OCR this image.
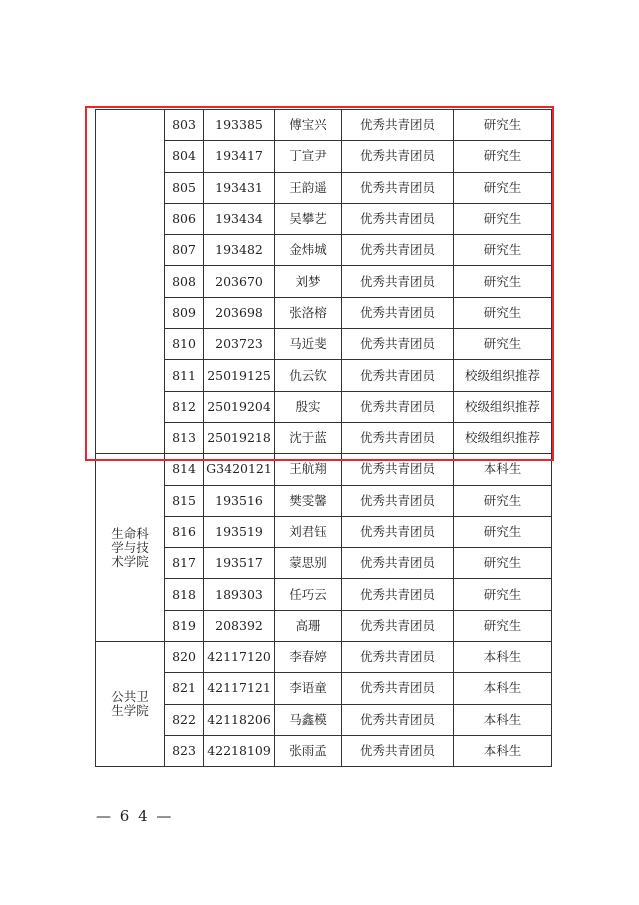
	803	193385	傅宝兴	优秀共青团员	研究生
	804	193417	丁宣尹	优秀共青团员	研究生
	805	193431	王韵遥	优秀共青团员	研究生
	806	193434	吴攀艺	优秀共青团员	研究生
	807	193482	金炜城	优秀共青团员	研究生
	808	203670	刘梦	优秀共青团员	研究生
	809	203698	张洛榕	优秀共青团员	研究生
	810	203723	马近斐	优秀共青团员	研究生
	811	25019125	仇云钦	优秀共青团员	校级组织推荐
	812	25019204	殷实	优秀共青团员	校级组织推荐
	813	25019218	沈于蓝	优秀共青团员	校级组织推荐
生命科学与技术学院	814	G3420121	王航翔	优秀共青团员	本科生
	815	193516	樊雯馨	优秀共青团员	研究生
	816	193519	刘君钰	优秀共青团员	研究生
	817	193517	蒙思别	优秀共青团员	研究生
	818	189303	任巧云	优秀共青团员	研究生
	819	208392	高珊	优秀共青团员	研究生
公共卫生学院	820	42117120	李春婷	优秀共青团员	本科生
	821	42117121	李语童	优秀共青团员	本科生
	822	42118206	马鑫模	优秀共青团员	本科生
	823	42218109	张雨孟	优秀共青团员	本科生
— 6 4 —
